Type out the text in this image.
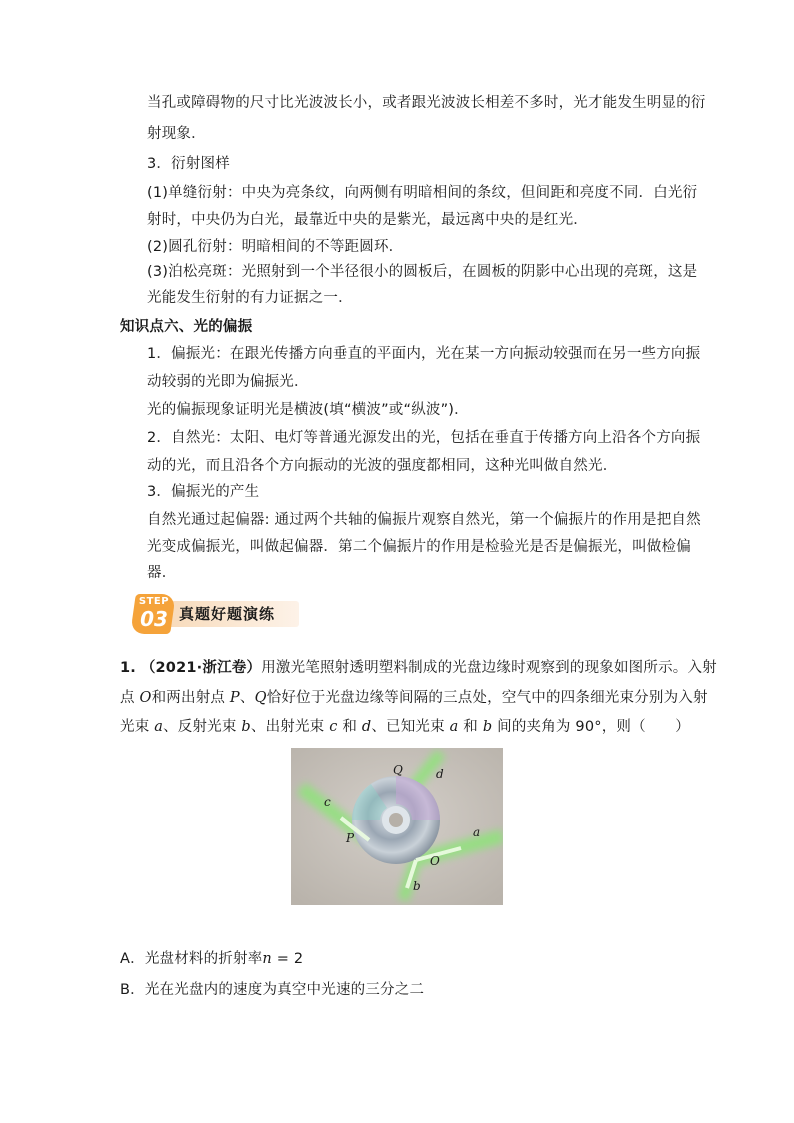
当孔或障碍物的尺寸比光波波长小，或者跟光波波长相差不多时，光才能发生明显的衍
射现象．
3．衍射图样
(1)单缝衍射：中央为亮条纹，向两侧有明暗相间的条纹，但间距和亮度不同．白光衍
射时，中央仍为白光，最靠近中央的是紫光，最远离中央的是红光．
(2)圆孔衍射：明暗相间的不等距圆环．
(3)泊松亮斑：光照射到一个半径很小的圆板后，在圆板的阴影中心出现的亮斑，这是
光能发生衍射的有力证据之一．
知识点六、光的偏振
1．偏振光：在跟光传播方向垂直的平面内，光在某一方向振动较强而在另一些方向振
动较弱的光即为偏振光．
光的偏振现象证明光是横波(填“横波”或“纵波”)．
2．自然光：太阳、电灯等普通光源发出的光，包括在垂直于传播方向上沿各个方向振
动的光，而且沿各个方向振动的光波的强度都相同，这种光叫做自然光．
3．偏振光的产生
自然光通过起偏器: 通过两个共轴的偏振片观察自然光，第一个偏振片的作用是把自然
光变成偏振光，叫做起偏器．第二个偏振片的作用是检验光是否是偏振光，叫做检偏
器．
STEP
03 真题好题演练
1. （2021·浙江卷）用激光笔照射透明塑料制成的光盘边缘时观察到的现象如图所示。入射
点 O和两出射点 P、Q恰好位于光盘边缘等间隔的三点处，空气中的四条细光束分别为入射
光束 a、反射光束 b、出射光束 c 和 d、已知光束 a 和 b 间的夹角为 90°，则（　　）
Q	d
c
P	a
O
b
A．光盘材料的折射率n = 2
B．光在光盘内的速度为真空中光速的三分之二
